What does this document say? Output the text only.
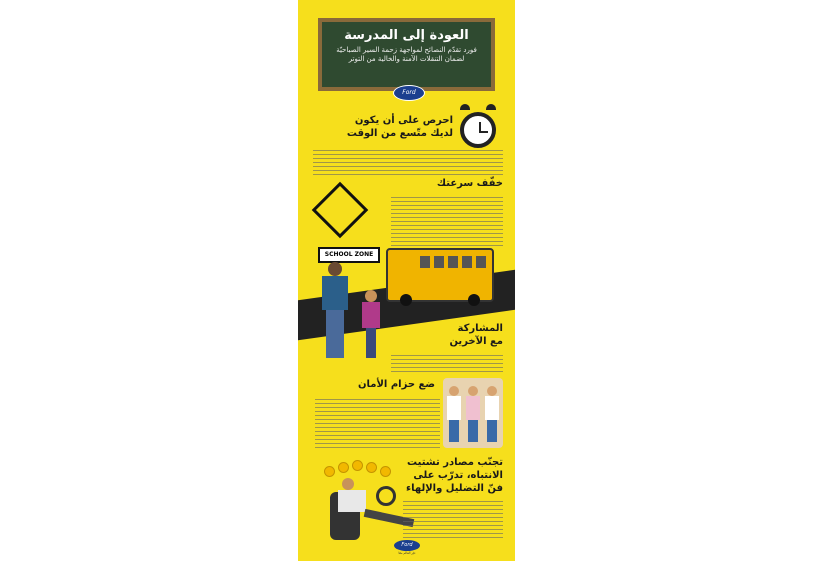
العودة إلى المدرسة
فورد تقدّم النصائح لمواجهة زحمة السير الصباحيّة
لضمان التنقلات الآمنة والخالية من التوتر
Ford
احرص على أن يكون
لديك متّسع من الوقت
خفّف سرعتك
SCHOOL ZONE
المشاركة
مع الآخرين
ضع حزام الأمان
تجنّب مصادر تشتيت
الانتباه، تدرّب على
فنّ التضليل والإلهاء
Ford
غيّر العالم معًا
